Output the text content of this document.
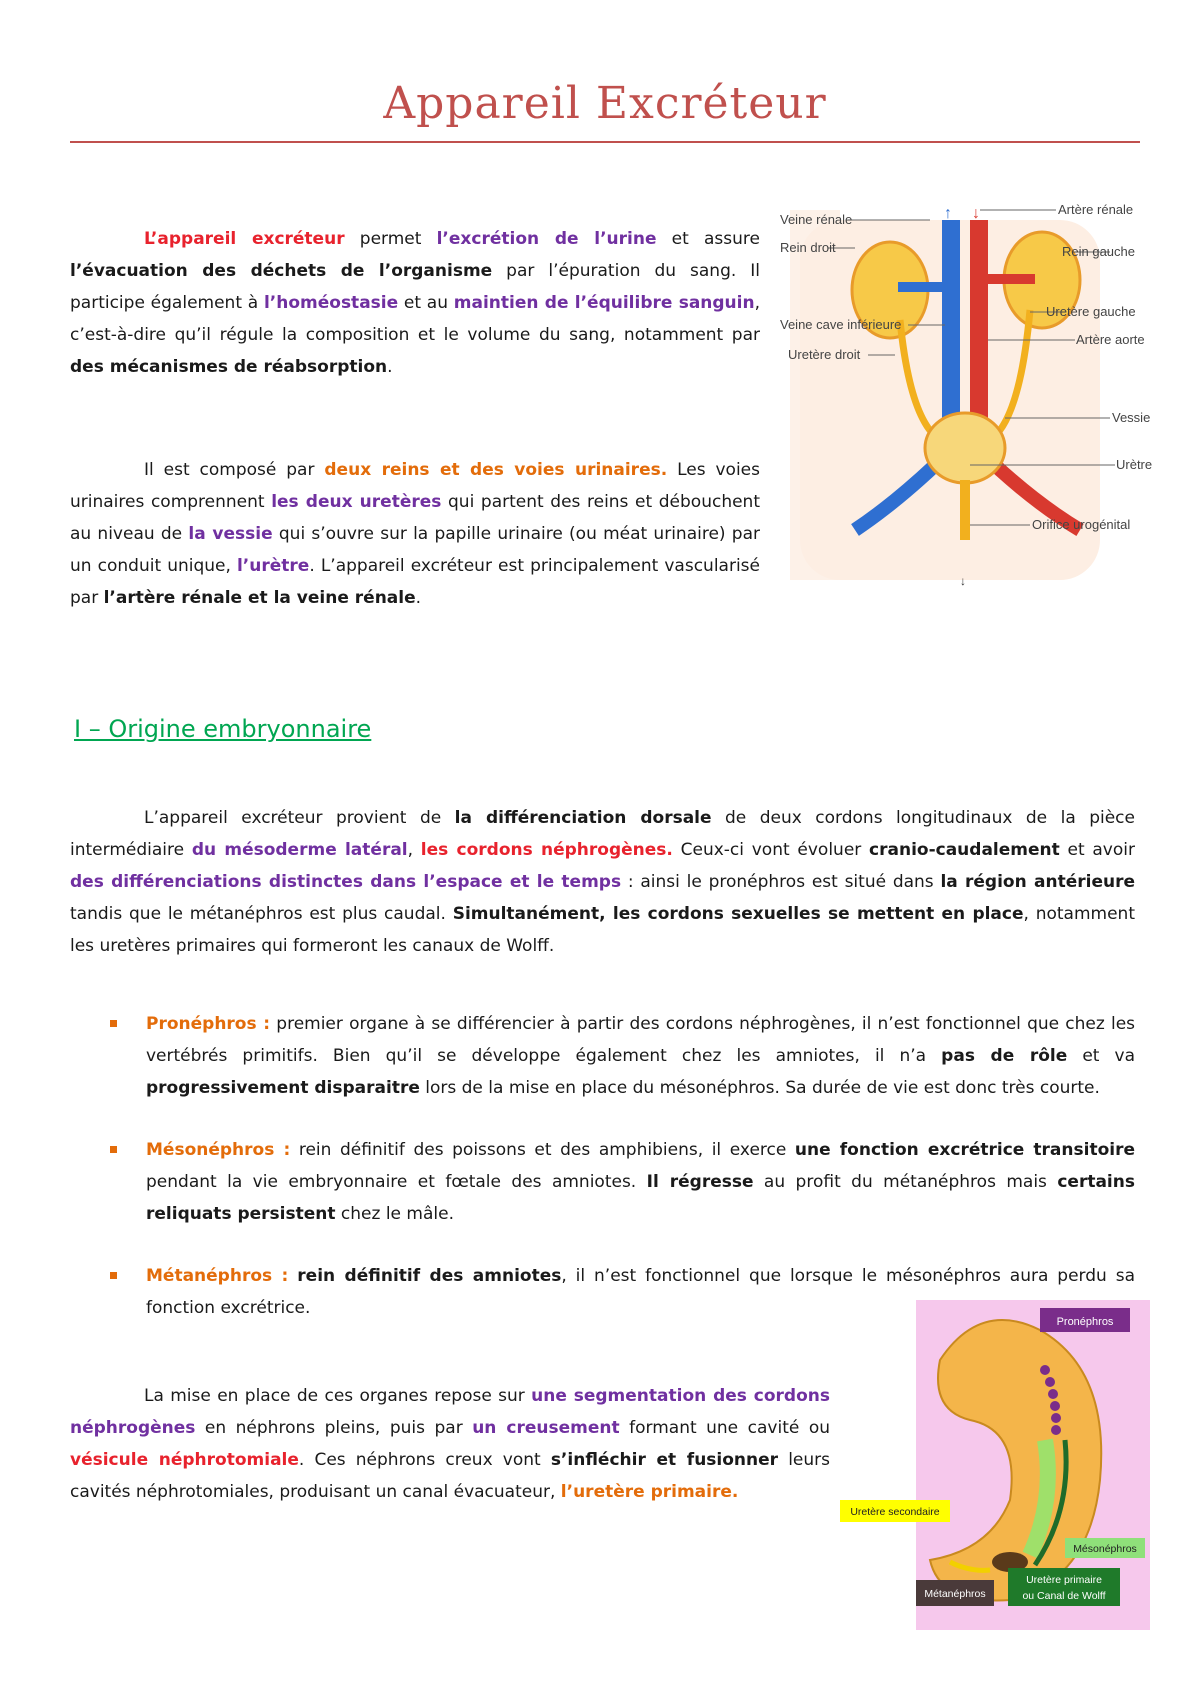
Appareil Excréteur

L’appareil excréteur permet l’excrétion de l’urine et assure l’évacuation des déchets de l’organisme par l’épuration du sang. Il participe également à l’homéostasie et au maintien de l’équilibre sanguin, c’est-à-dire qu’il régule la composition et le volume du sang, notamment par des mécanismes de réabsorption.

Il est composé par deux reins et des voies urinaires. Les voies urinaires comprennent les deux uretères qui partent des reins et débouchent au niveau de la vessie qui s’ouvre sur la papille urinaire (ou méat urinaire) par un conduit unique, l’urètre. L’appareil excréteur est principalement vascularisé par l’artère rénale et la veine rénale.

↑ ↓
↓
Veine rénale
Rein droit
Veine cave inférieure
Uretère droit
Artère rénale
Rein gauche
Uretère gauche
Artère aorte
Vessie
Urètre
Orifice urogénital
I – Origine embryonnaire

L’appareil excréteur provient de la différenciation dorsale de deux cordons longitudinaux de la pièce intermédiaire du mésoderme latéral, les cordons néphrogènes. Ceux-ci vont évoluer cranio-caudalement et avoir des différenciations distinctes dans l’espace et le temps : ainsi le pronéphros est situé dans la région antérieure tandis que le métanéphros est plus caudal. Simultanément, les cordons sexuelles se mettent en place, notamment les uretères primaires qui formeront les canaux de Wolff.

Pronéphros : premier organe à se différencier à partir des cordons néphrogènes, il n’est fonctionnel que chez les vertébrés primitifs. Bien qu’il se développe également chez les amniotes, il n’a pas de rôle et va progressivement disparaitre lors de la mise en place du mésonéphros. Sa durée de vie est donc très courte.
Mésonéphros : rein définitif des poissons et des amphibiens, il exerce une fonction excrétrice transitoire pendant la vie embryonnaire et fœtale des amniotes. Il régresse au profit du métanéphros mais certains reliquats persistent chez le mâle.
Métanéphros : rein définitif des amniotes, il n’est fonctionnel que lorsque le mésonéphros aura perdu sa fonction excrétrice.

La mise en place de ces organes repose sur une segmentation des cordons néphrogènes en néphrons pleins, puis par un creusement formant une cavité ou vésicule néphrotomiale. Ces néphrons creux vont s’infléchir et fusionner leurs cavités néphrotomiales, produisant un canal évacuateur, l’uretère primaire.

Pronéphros
Uretère secondaire
Mésonéphros
Métanéphros
Uretère primaire
ou Canal de Wolff
